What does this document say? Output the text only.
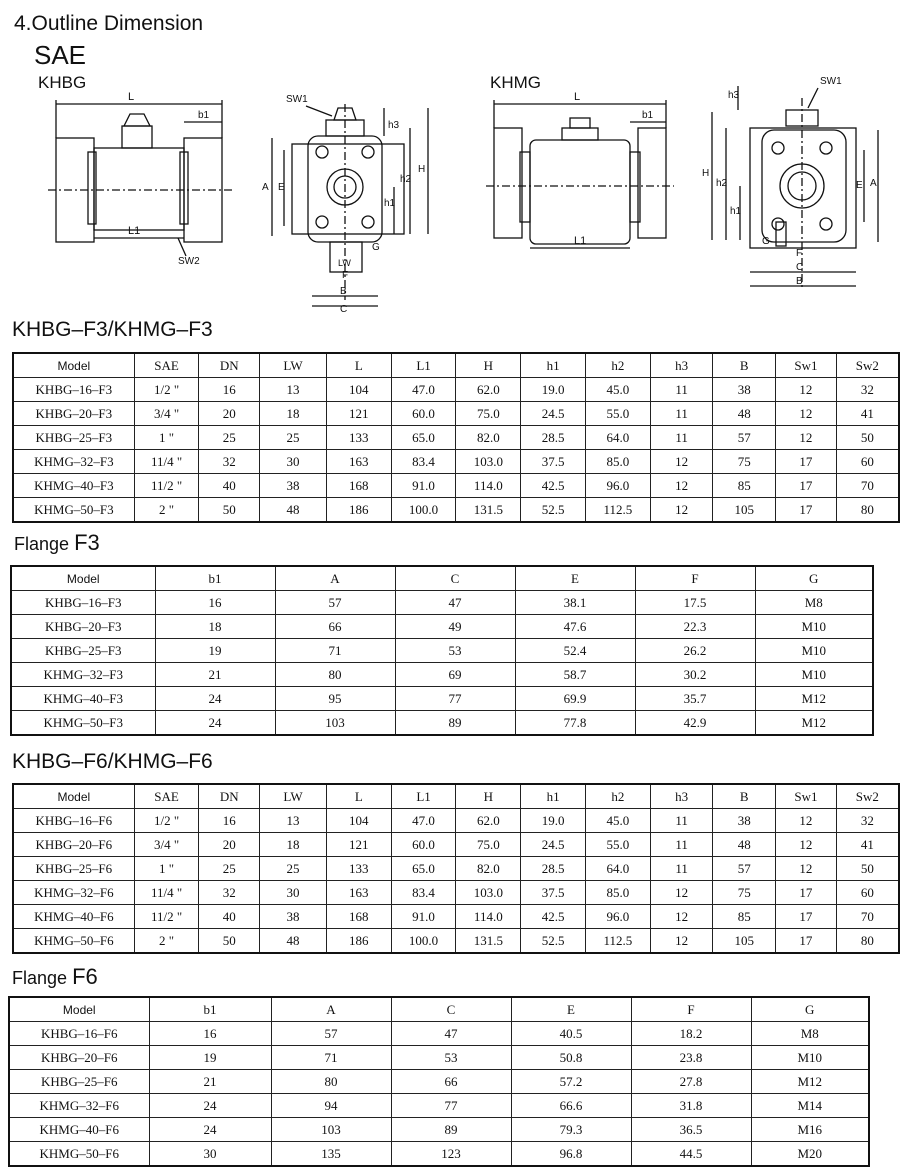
4.Outline Dimension
SAE
KHBG
L
L1
b1
SW2
B
C
F
LW
G
A E
H
h2
h1
h3
SW1
KHMG
L
L1
b1
C
B
F
G
A
E
H
h2
h1
h3
SW1
KHBG–F3/KHMG–F3
Model	SAE	DN	LW	L	L1	H	h1	h2	h3	B	Sw1	Sw2
KHBG–16–F3	1/2 "	16	13	104	47.0	62.0	19.0	45.0	11	38	12	32
KHBG–20–F3	3/4 "	20	18	121	60.0	75.0	24.5	55.0	11	48	12	41
KHBG–25–F3	1 "	25	25	133	65.0	82.0	28.5	64.0	11	57	12	50
KHMG–32–F3	11/4 "	32	30	163	83.4	103.0	37.5	85.0	12	75	17	60
KHMG–40–F3	11/2 "	40	38	168	91.0	114.0	42.5	96.0	12	85	17	70
KHMG–50–F3	2 "	50	48	186	100.0	131.5	52.5	112.5	12	105	17	80
Flange F3
Model	b1	A	C	E	F	G
KHBG–16–F3	16	57	47	38.1	17.5	M8
KHBG–20–F3	18	66	49	47.6	22.3	M10
KHBG–25–F3	19	71	53	52.4	26.2	M10
KHMG–32–F3	21	80	69	58.7	30.2	M10
KHMG–40–F3	24	95	77	69.9	35.7	M12
KHMG–50–F3	24	103	89	77.8	42.9	M12
KHBG–F6/KHMG–F6
Model	SAE	DN	LW	L	L1	H	h1	h2	h3	B	Sw1	Sw2
KHBG–16–F6	1/2 "	16	13	104	47.0	62.0	19.0	45.0	11	38	12	32
KHBG–20–F6	3/4 "	20	18	121	60.0	75.0	24.5	55.0	11	48	12	41
KHBG–25–F6	1 "	25	25	133	65.0	82.0	28.5	64.0	11	57	12	50
KHMG–32–F6	11/4 "	32	30	163	83.4	103.0	37.5	85.0	12	75	17	60
KHMG–40–F6	11/2 "	40	38	168	91.0	114.0	42.5	96.0	12	85	17	70
KHMG–50–F6	2 "	50	48	186	100.0	131.5	52.5	112.5	12	105	17	80
Flange F6
Model	b1	A	C	E	F	G
KHBG–16–F6	16	57	47	40.5	18.2	M8
KHBG–20–F6	19	71	53	50.8	23.8	M10
KHBG–25–F6	21	80	66	57.2	27.8	M12
KHMG–32–F6	24	94	77	66.6	31.8	M14
KHMG–40–F6	24	103	89	79.3	36.5	M16
KHMG–50–F6	30	135	123	96.8	44.5	M20
